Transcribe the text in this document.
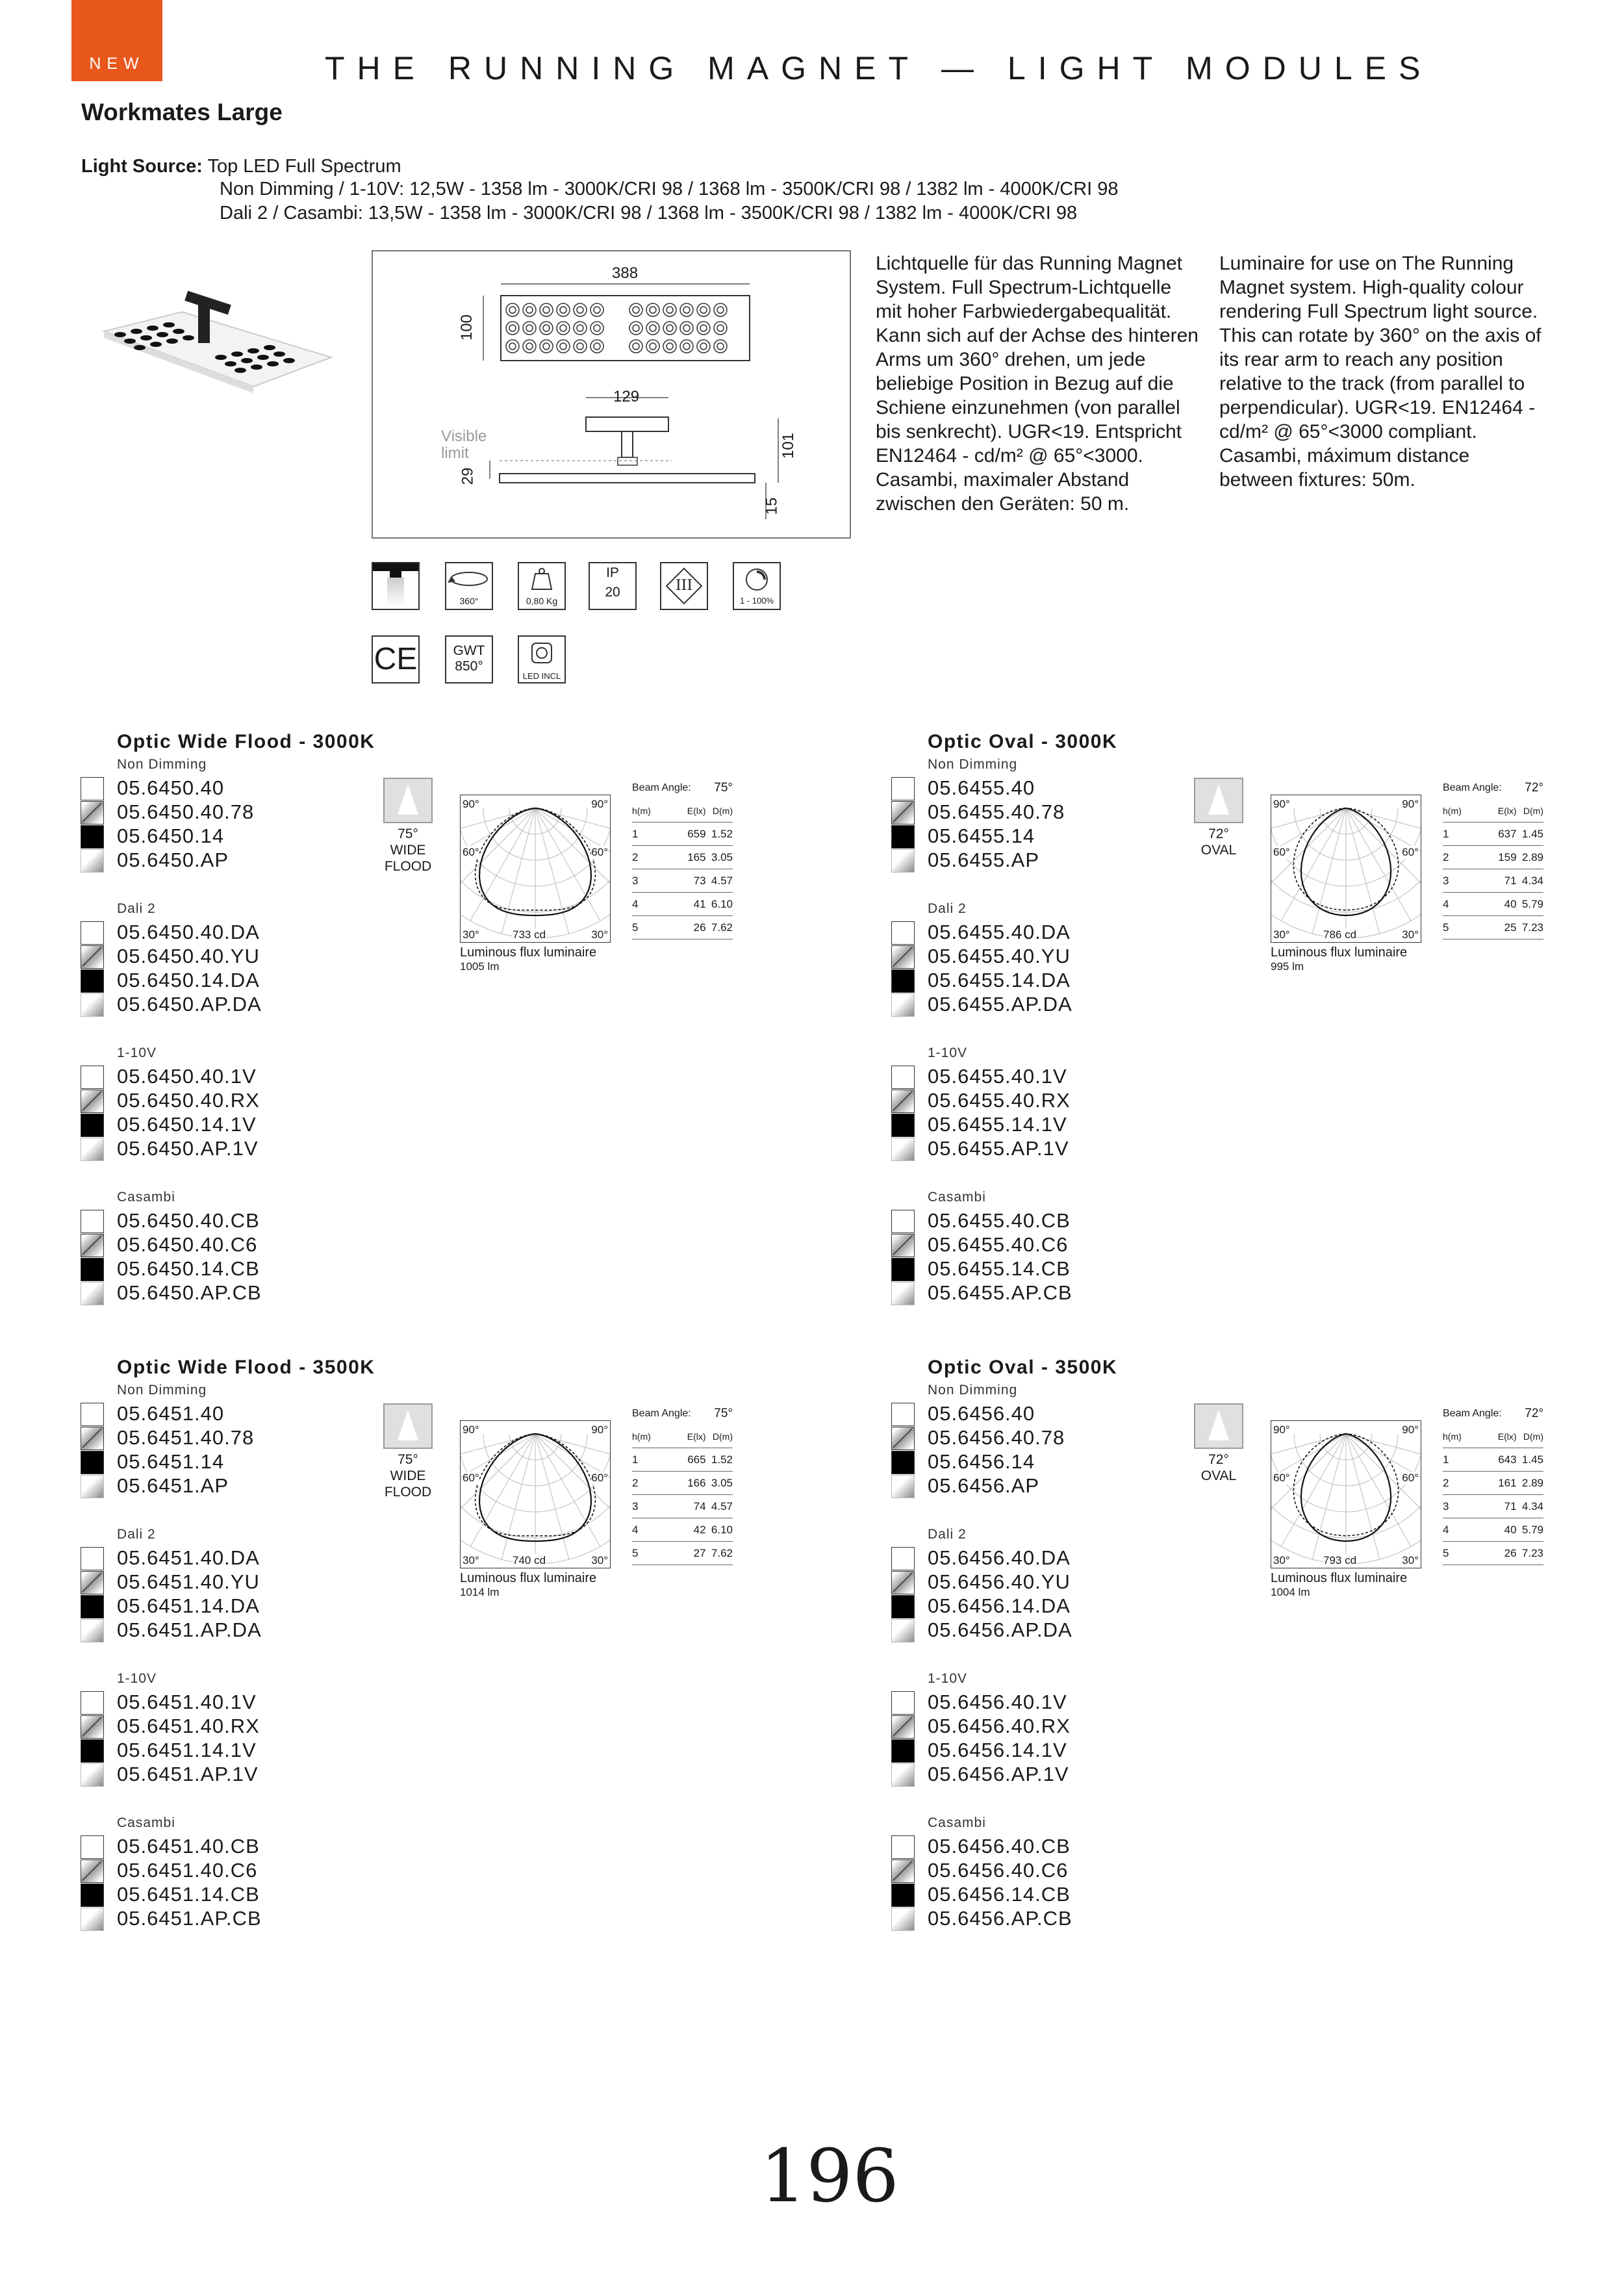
NEW	THE RUNNING MAGNET — LIGHT MODULES
Workmates Large
Light Source: Top LED Full Spectrum
Non Dimming / 1-10V: 12,5W - 1358 lm - 3000K/CRI 98 / 1368 lm - 3500K/CRI 98 / 1382 lm - 4000K/CRI 98
Dali 2 / Casambi: 13,5W - 1358 lm - 3000K/CRI 98 / 1368 lm - 3500K/CRI 98 / 1382 lm - 4000K/CRI 98
388
100
129
101
29
15
Visible
limit
Lichtquelle für das Running Magnet System. Full Spectrum-Lichtquelle mit hoher Farbwiedergabequalität. Kann sich auf der Achse des hinteren Arms um 360° drehen, um jede beliebige Position in Bezug auf die Schiene einzunehmen (von parallel bis senkrecht). UGR<19. Entspricht EN12464 - cd/m² @ 65°<3000. Casambi, maximaler Abstand zwischen den Geräten: 50 m.
Luminaire for use on The Running Magnet system. High-quality colour rendering Full Spectrum light source. This can rotate by 360° on the axis of its rear arm to reach any position relative to the track (from parallel to perpendicular). UGR<19. EN12464 - cd/m² @ 65°<3000 compliant. Casambi, máximum distance between fixtures: 50m.
360°	0,80 Kg
IP
20	III
1 - 100%
CE	GWT
850°
LED INCL
Optic Wide Flood - 3000K
Non Dimming
05.6450.40
05.6450.40.78
05.6450.14
05.6450.AP
Dali 2
05.6450.40.DA
05.6450.40.YU
05.6450.14.DA
05.6450.AP.DA
1-10V
05.6450.40.1V
05.6450.40.RX
05.6450.14.1V
05.6450.AP.1V
Casambi
05.6450.40.CB
05.6450.40.C6
05.6450.14.CB
05.6450.AP.CB
75°
WIDE
FLOOD
90°	90°
60°	60°
30°	30°
733 cd
Luminous flux luminaire
1005 lm
Beam Angle:		75°
h(m)	E(lx)	D(m)
1	659	1.52
2	165	3.05
3	73	4.57
4	41	6.10
5	26	7.62
Optic Oval - 3000K
Non Dimming
05.6455.40
05.6455.40.78
05.6455.14
05.6455.AP
Dali 2
05.6455.40.DA
05.6455.40.YU
05.6455.14.DA
05.6455.AP.DA
1-10V
05.6455.40.1V
05.6455.40.RX
05.6455.14.1V
05.6455.AP.1V
Casambi
05.6455.40.CB
05.6455.40.C6
05.6455.14.CB
05.6455.AP.CB
72°
OVAL
90°	90°
60°	60°
30°	30°
786 cd
Luminous flux luminaire
995 lm
Beam Angle:		72°
h(m)	E(lx)	D(m)
1	637	1.45
2	159	2.89
3	71	4.34
4	40	5.79
5	25	7.23
Optic Wide Flood - 3500K
Non Dimming
05.6451.40
05.6451.40.78
05.6451.14
05.6451.AP
Dali 2
05.6451.40.DA
05.6451.40.YU
05.6451.14.DA
05.6451.AP.DA
1-10V
05.6451.40.1V
05.6451.40.RX
05.6451.14.1V
05.6451.AP.1V
Casambi
05.6451.40.CB
05.6451.40.C6
05.6451.14.CB
05.6451.AP.CB
75°
WIDE
FLOOD
90°	90°
60°	60°
30°	30°
740 cd
Luminous flux luminaire
1014 lm
Beam Angle:		75°
h(m)	E(lx)	D(m)
1	665	1.52
2	166	3.05
3	74	4.57
4	42	6.10
5	27	7.62
Optic Oval - 3500K
Non Dimming
05.6456.40
05.6456.40.78
05.6456.14
05.6456.AP
Dali 2
05.6456.40.DA
05.6456.40.YU
05.6456.14.DA
05.6456.AP.DA
1-10V
05.6456.40.1V
05.6456.40.RX
05.6456.14.1V
05.6456.AP.1V
Casambi
05.6456.40.CB
05.6456.40.C6
05.6456.14.CB
05.6456.AP.CB
72°
OVAL
90°	90°
60°	60°
30°	30°
793 cd
Luminous flux luminaire
1004 lm
Beam Angle:		72°
h(m)	E(lx)	D(m)
1	643	1.45
2	161	2.89
3	71	4.34
4	40	5.79
5	26	7.23
196
